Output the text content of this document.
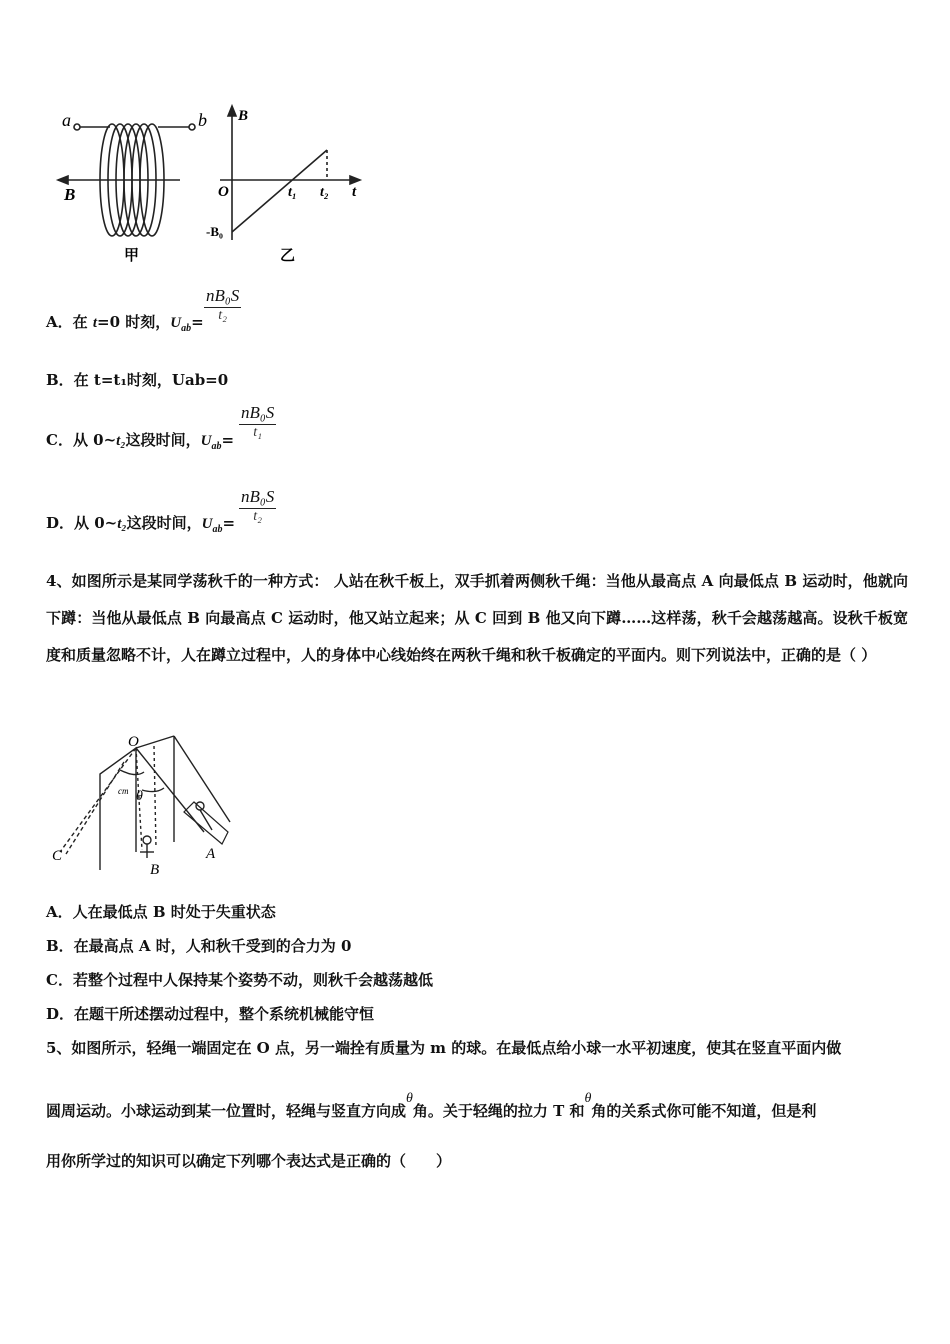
a	b
B
甲
B
t
O	t₁ t₂
-B₀
乙
A．在 t=0 时刻，$U_{ab}=$
nB₀S
t₂
B．在 t=t₁时刻，Uab=0
C．从 0~t₂这段时间，$U_{ab}=$
nB₀S
t₁
D．从 0~t₂这段时间，$U_{ab}=$
nB₀S
t₂
4、如图所示是某同学荡秋千的一种方式： 人站在秋千板上，双手抓着两侧秋千绳：当他从最高点 A 向最低点 B 运动时，他就向下蹲：当他从最低点 B 向最高点 C 运动时，他又站立起来；从 C 回到 B 他又向下蹲……这样荡，秋千会越荡越高。设秋千板宽度和质量忽略不计，人在蹲立过程中，人的身体中心线始终在两秋千绳和秋千板确定的平面内。则下列说法中，正确的是（ ）
O
cm θ
A
B
C
A．人在最低点 B 时处于失重状态
B．在最高点 A 时，人和秋千受到的合力为 0
C．若整个过程中人保持某个姿势不动，则秋千会越荡越低
D．在题干所述摆动过程中，整个系统机械能守恒
5、如图所示，轻绳一端固定在 O 点，另一端拴有质量为 m 的球。在最低点给小球一水平初速度，使其在竖直平面内做
圆周运动。小球运动到某一位置时，轻绳与竖直方向成θ角。关于轻绳的拉力 T 和θ角的关系式你可能不知道，但是利
用你所学过的知识可以确定下列哪个表达式是正确的（　　）
